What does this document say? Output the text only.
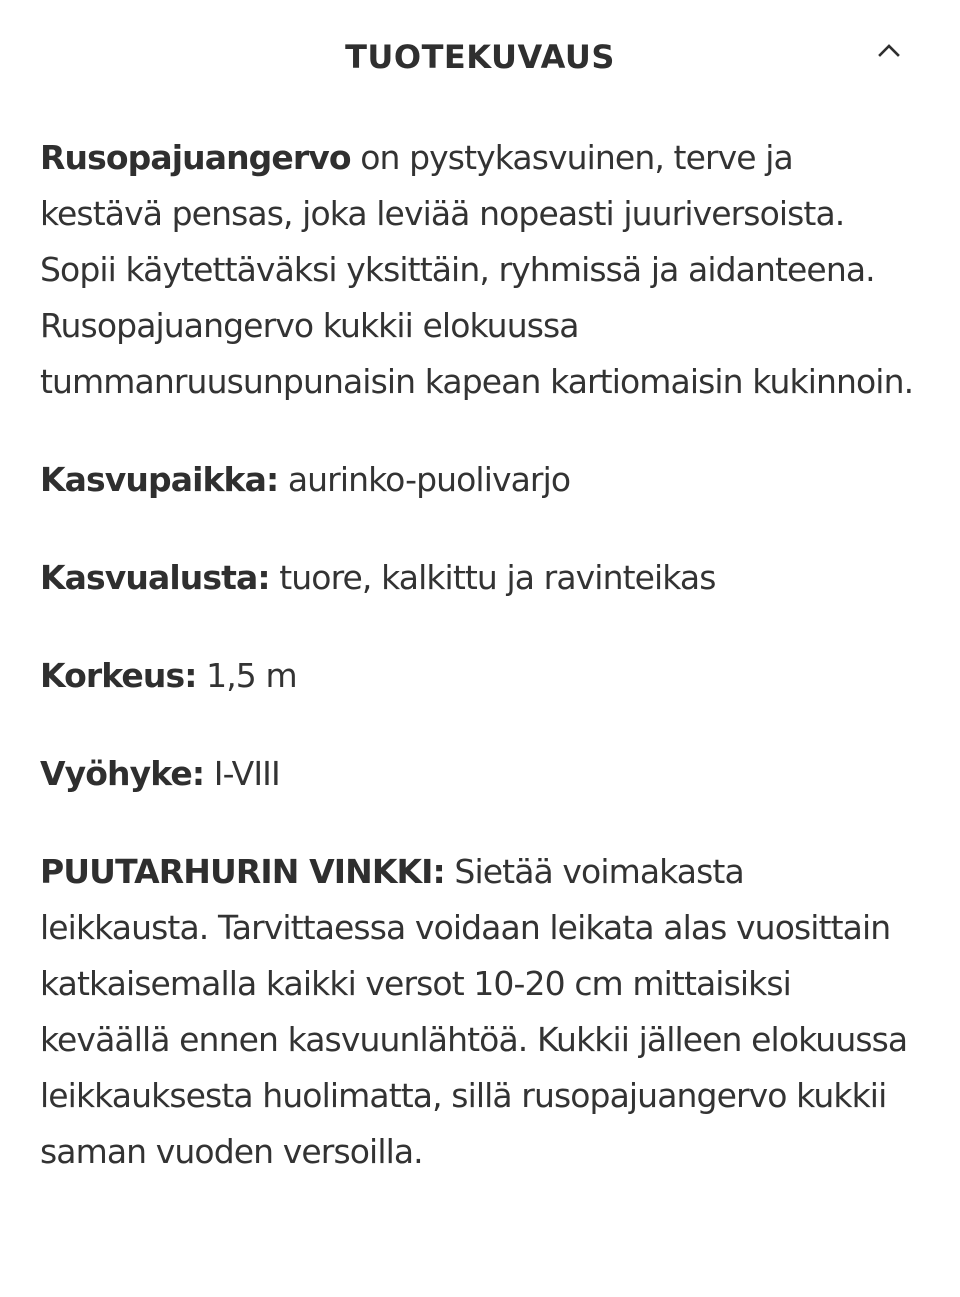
TUOTEKUVAUS

Rusopajuangervo on pystykasvuinen, terve ja kestävä pensas, joka leviää nopeasti juuriversoista. Sopii käytettäväksi yksittäin, ryhmissä ja aidanteena. Rusopajuangervo kukkii elokuussa tummanruusunpunaisin kapean kartiomaisin kukinnoin.

Kasvupaikka: aurinko-puolivarjo

Kasvualusta: tuore, kalkittu ja ravinteikas

Korkeus: 1,5 m

Vyöhyke: I-VIII

PUUTARHURIN VINKKI: Sietää voimakasta leikkausta. Tarvittaessa voidaan leikata alas vuosittain katkaisemalla kaikki versot 10-20 cm mittaisiksi keväällä ennen kasvuunlähtöä. Kukkii jälleen elokuussa leikkauksesta huolimatta, sillä rusopajuangervo kukkii saman vuoden versoilla.
